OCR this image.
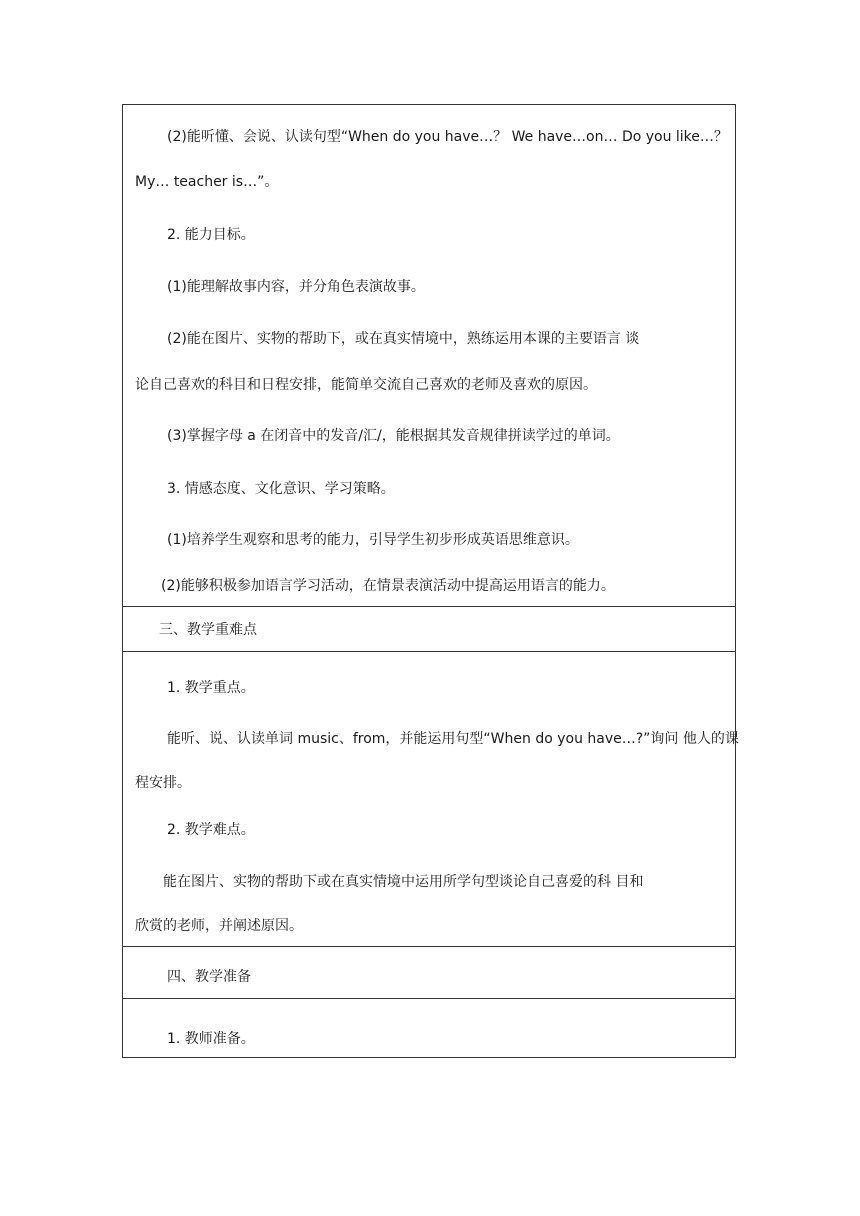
(2)能听懂、会说、认读句型“When do you have…？ We have…on… Do you like…？
My… teacher is…”。
2. 能力目标。
(1)能理解故事内容，并分角色表演故事。
(2)能在图片、实物的帮助下，或在真实情境中，熟练运用本课的主要语言 谈
论自己喜欢的科目和日程安排，能简单交流自己喜欢的老师及喜欢的原因。
(3)掌握字母 a 在闭音中的发音/汇/，能根据其发音规律拼读学过的单词。
3. 情感态度、文化意识、学习策略。
(1)培养学生观察和思考的能力，引导学生初步形成英语思维意识。
(2)能够积极参加语言学习活动，在情景表演活动中提高运用语言的能力。
三、教学重难点
1. 教学重点。
能听、说、认读单词 music、from，并能运用句型“When do you have…?”询问 他人的课
程安排。
2. 教学难点。
能在图片、实物的帮助下或在真实情境中运用所学句型谈论自己喜爱的科 目和
欣赏的老师，并阐述原因。
四、教学准备
1. 教师准备。
